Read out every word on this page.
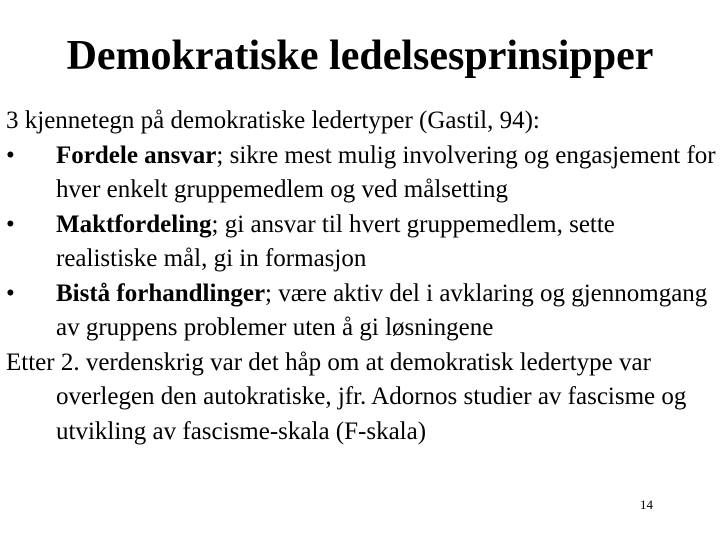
Demokratiske ledelsesprinsipper

3 kjennetegn på demokratiske ledertyper (Gastil, 94):

•	Fordele ansvar; sikre mest mulig involvering og engasjement for hver enkelt gruppemedlem og ved målsetting

•	Maktfordeling; gi ansvar til hvert gruppemedlem, sette realistiske mål, gi in formasjon

•	Bistå forhandlinger; være aktiv del i avklaring og gjennomgang av gruppens problemer uten å gi løsningene

Etter 2. verdenskrig var det håp om at demokratisk ledertype var overlegen den autokratiske, jfr. Adornos studier av fascisme og utvikling av fascisme-skala (F-skala)

14
